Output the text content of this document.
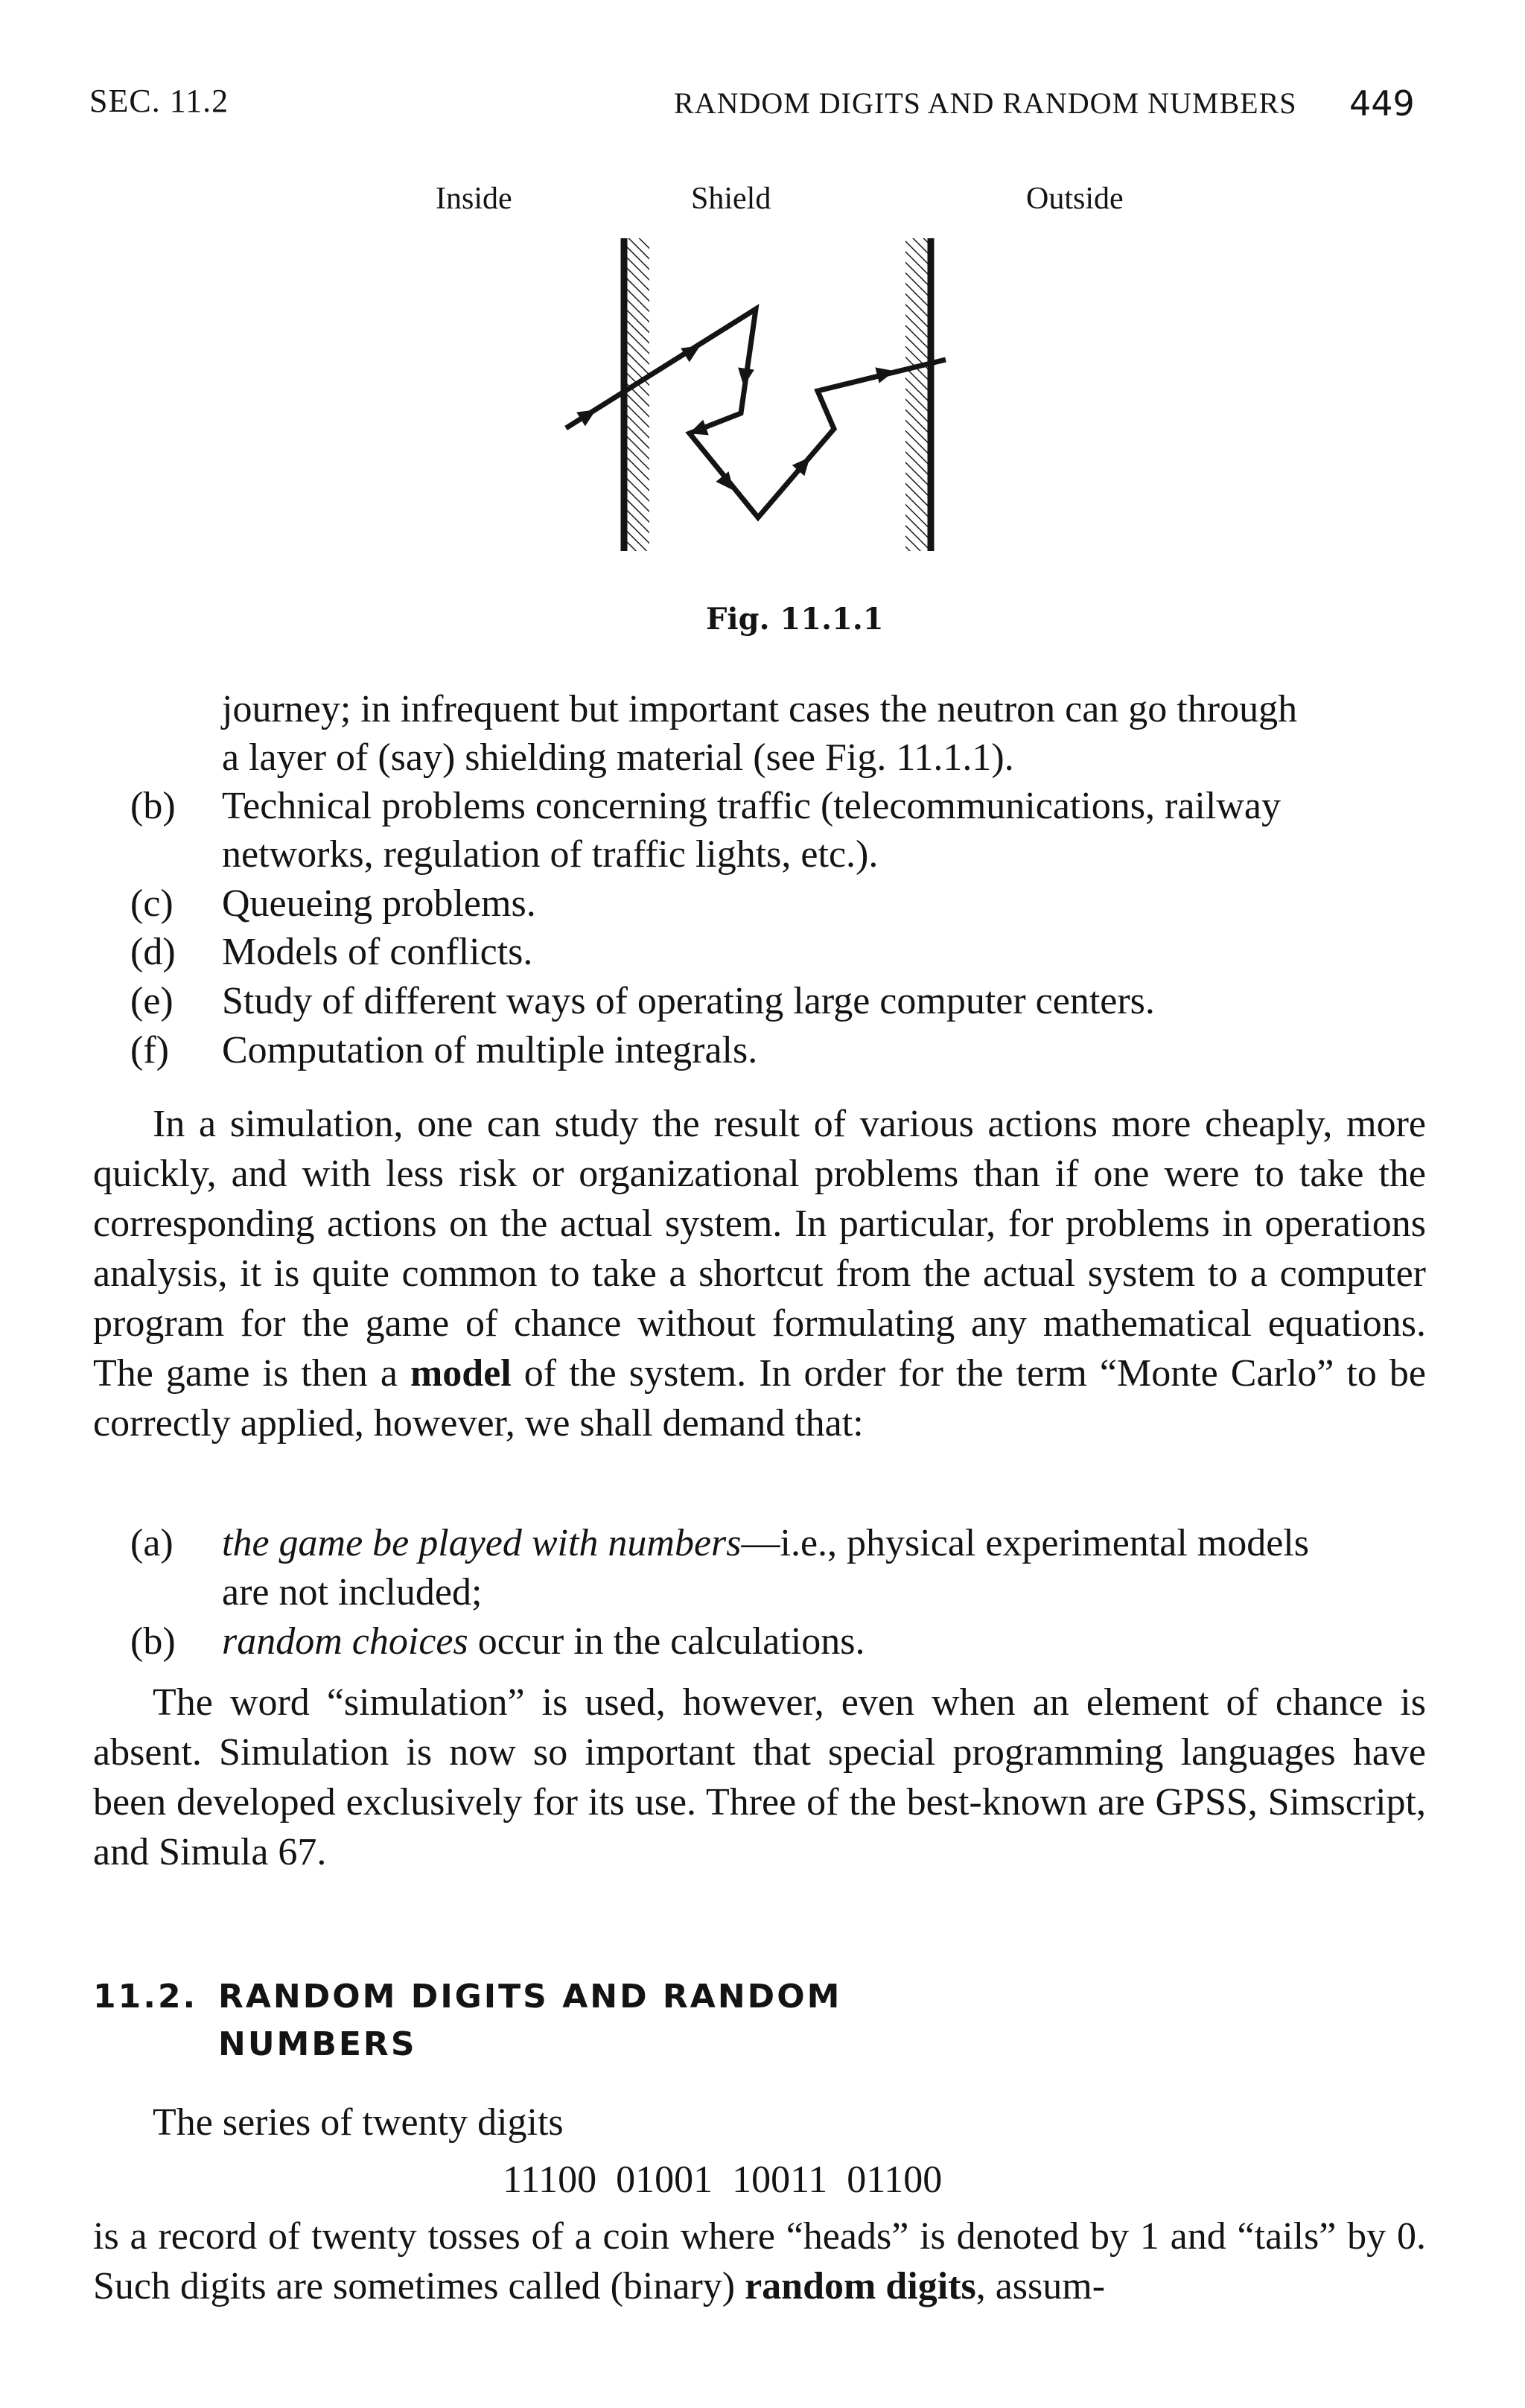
SEC. 11.2	RANDOM DIGITS AND RANDOM NUMBERS 449
Inside	Shield	Outside
Fig. 11.1.1
journey; in infrequent but important cases the neutron can go through
a layer of (say) shielding material (see Fig. 11.1.1).
(b) Technical problems concerning traffic (telecommunications, railway
networks, regulation of traffic lights, etc.).
(c) Queueing problems.
(d) Models of conflicts.
(e) Study of different ways of operating large computer centers.
(f) Computation of multiple integrals.
In a simulation, one can study the result of various actions more cheaply, more quickly, and with less risk or organizational problems than if one were to take the corresponding actions on the actual system. In particular, for problems in operations analysis, it is quite common to take a shortcut from the actual system to a computer program for the game of chance without formulating any mathematical equations. The game is then a model of the system. In order for the term “Monte Carlo” to be correctly applied, however, we shall demand that:
(a) the game be played with numbers—i.e., physical experimental models
are not included;
(b) random choices occur in the calculations.
The word “simulation” is used, however, even when an element of chance is absent. Simulation is now so important that special programming languages have been developed exclusively for its use. Three of the best-known are GPSS, Simscript, and Simula 67.
11.2. RANDOM DIGITS AND RANDOM
NUMBERS
The series of twenty digits
11100  01001  10011  01100
is a record of twenty tosses of a coin where “heads” is denoted by 1 and “tails” by 0. Such digits are sometimes called (binary) random digits, assum-
